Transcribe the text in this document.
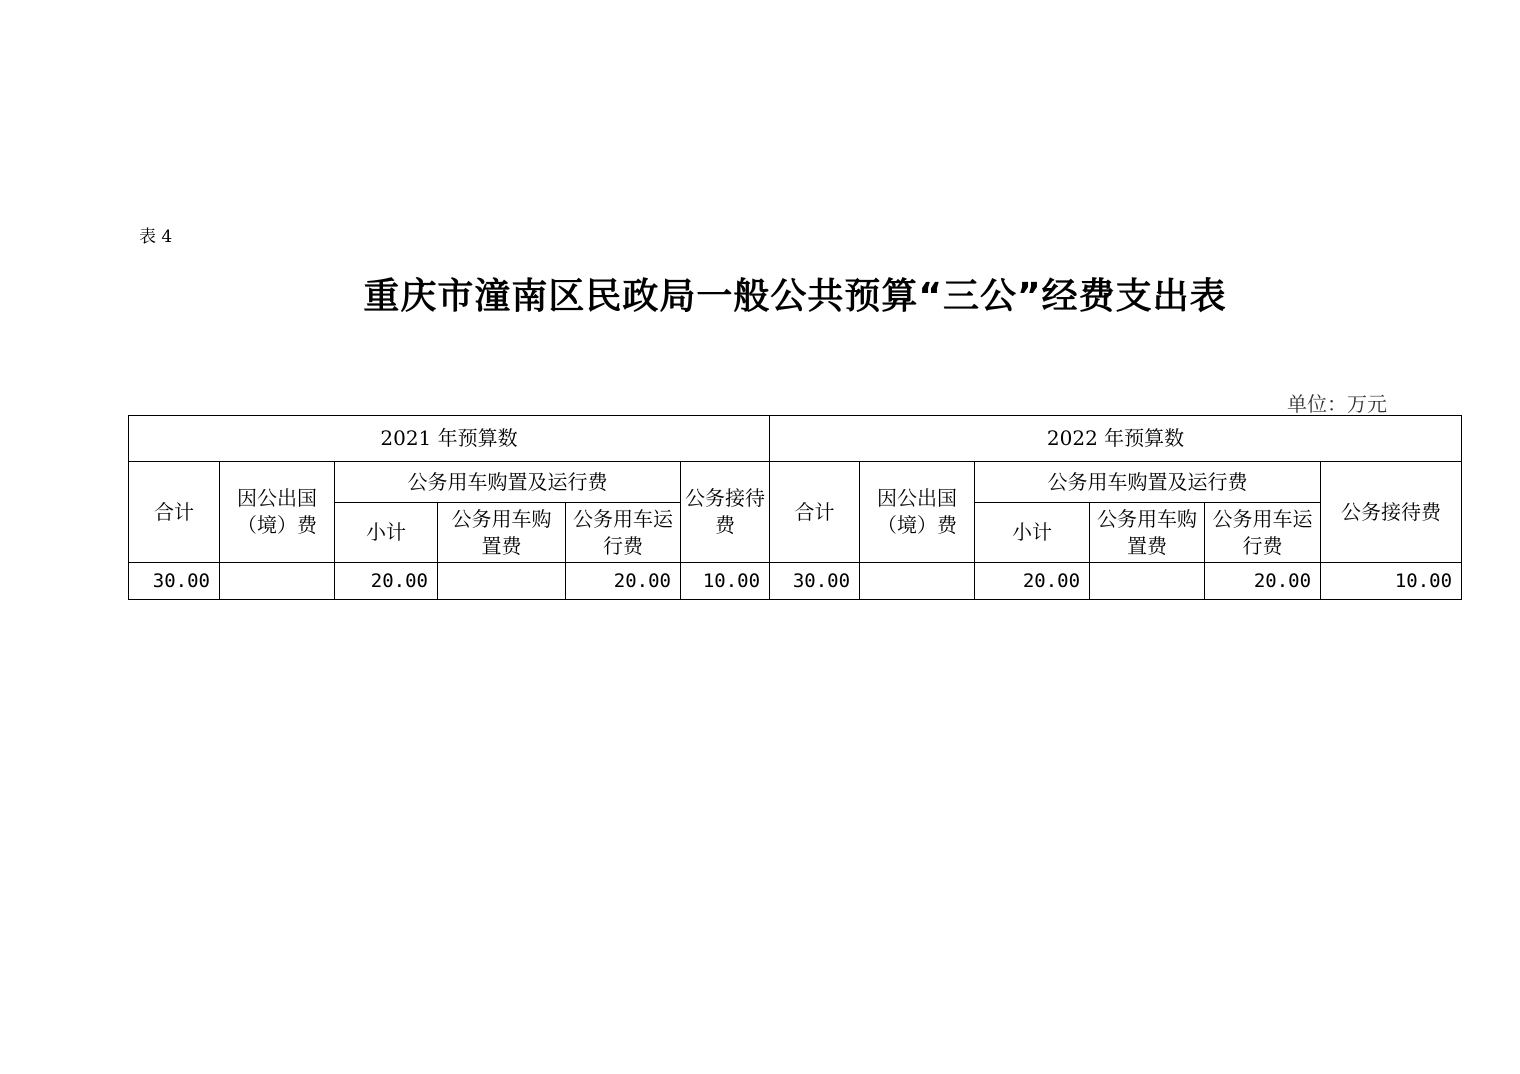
表 4
重庆市潼南区民政局一般公共预算“三公”经费支出表
单位：万元
2021 年预算数						2022 年预算数					
合计	因公出国（境）费	公务用车购置及运行费			公务接待费	合计	因公出国（境）费	公务用车购置及运行费			公务接待费
		小计	公务用车购置费	公务用车运行费				小计	公务用车购置费	公务用车运行费	
30.00		20.00		20.00	10.00	30.00		20.00		20.00	10.00
